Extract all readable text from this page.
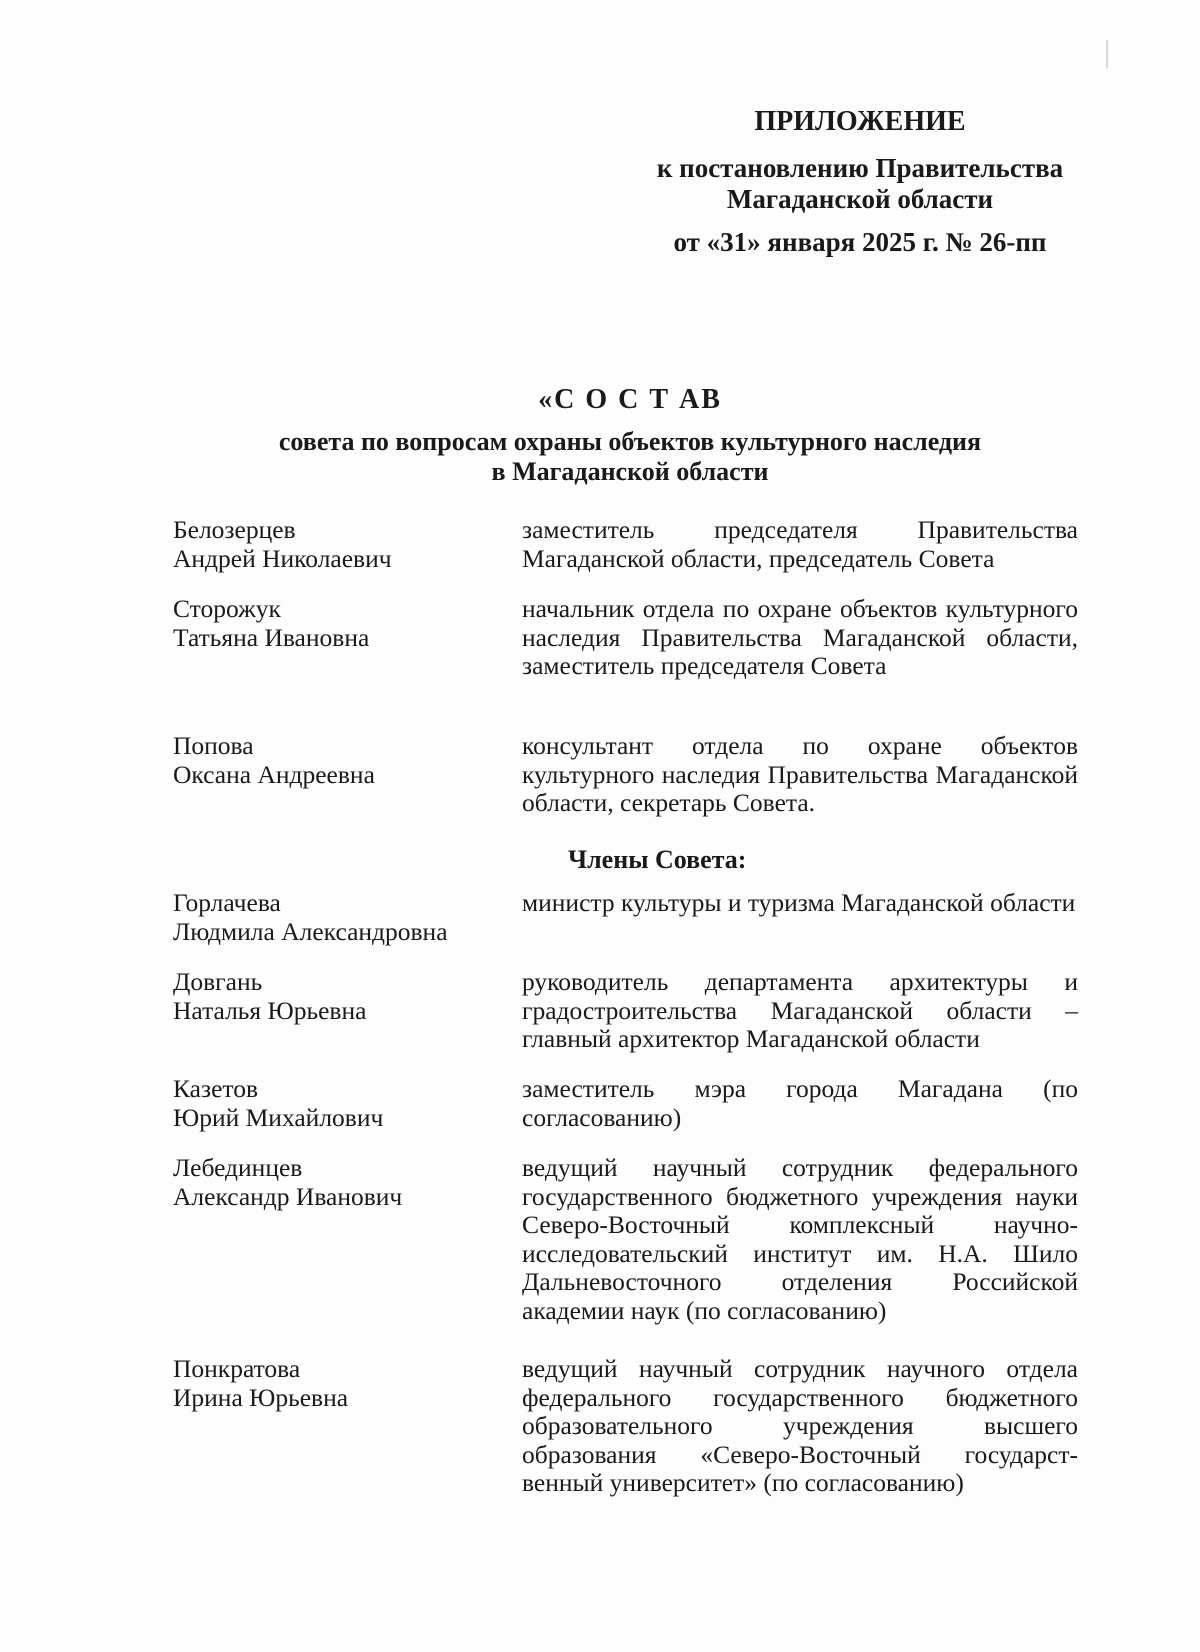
ПРИЛОЖЕНИЕ
к постановлению Правительства
Магаданской области
от «31» января 2025 г. № 26-пп
«С О С Т АВ
совета по вопросам охраны объектов культурного наследия
в Магаданской области
Белозерцев
Андрей Николаевич
заместитель председателя Правительства Магаданской области, председатель Совета
Сторожук
Татьяна Ивановна
начальник отдела по охране объектов культурного наследия Правительства Магаданской области, заместитель председателя Совета
Попова
Оксана Андреевна
консультант отдела по охране объектов культурного наследия Правительства Магаданской области, секретарь Совета.
Члены Совета:
Горлачева
Людмила Александровна
министр культуры и туризма Магаданской области
Довгань
Наталья Юрьевна
руководитель департамента архитектуры и градостроительства Магаданской области – главный архитектор Магаданской области
Казетов
Юрий Михайлович
заместитель мэра города Магадана (по согласованию)
Лебединцев
Александр Иванович
ведущий научный сотрудник федерального государственного бюджетного учреждения науки Северо-Восточный комплексный научно-исследовательский институт им. Н.А. Шило Дальневосточного отделения Российской академии наук (по согласованию)
Понкратова
Ирина Юрьевна
ведущий научный сотрудник научного отдела федерального государственного бюджетного образовательного учреждения высшего образования «Северо-Восточный государст-венный университет» (по согласованию)
